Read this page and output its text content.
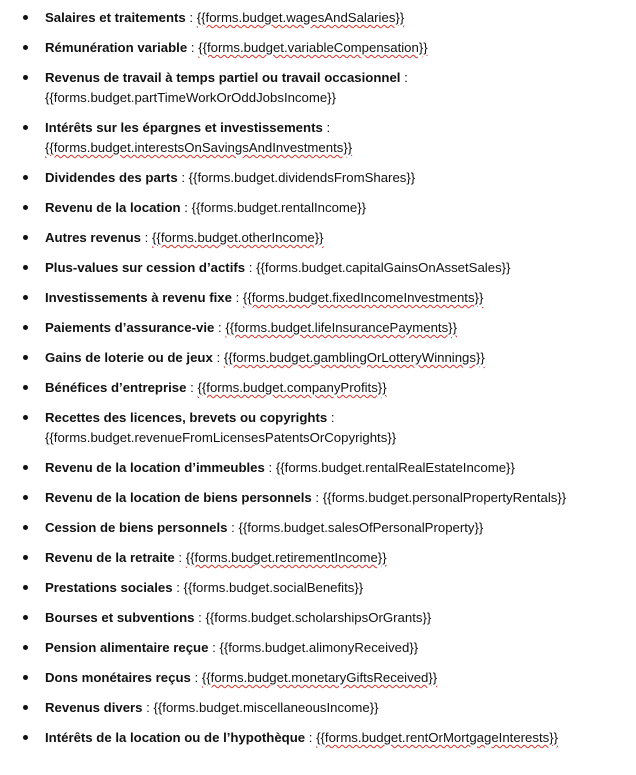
Salaires et traitements : {{forms.budget.wagesAndSalaries}}
Rémunération variable : {{forms.budget.variableCompensation}}
Revenus de travail à temps partiel ou travail occasionnel : {{forms.budget.partTimeWorkOrOddJobsIncome}}
Intérêts sur les épargnes et investissements : {{forms.budget.interestsOnSavingsAndInvestments}}
Dividendes des parts : {{forms.budget.dividendsFromShares}}
Revenu de la location : {{forms.budget.rentalIncome}}
Autres revenus : {{forms.budget.otherIncome}}
Plus-values sur cession d’actifs : {{forms.budget.capitalGainsOnAssetSales}}
Investissements à revenu fixe : {{forms.budget.fixedIncomeInvestments}}
Paiements d’assurance-vie : {{forms.budget.lifeInsurancePayments}}
Gains de loterie ou de jeux : {{forms.budget.gamblingOrLotteryWinnings}}
Bénéfices d’entreprise : {{forms.budget.companyProfits}}
Recettes des licences, brevets ou copyrights : {{forms.budget.revenueFromLicensesPatentsOrCopyrights}}
Revenu de la location d’immeubles : {{forms.budget.rentalRealEstateIncome}}
Revenu de la location de biens personnels : {{forms.budget.personalPropertyRentals}}
Cession de biens personnels : {{forms.budget.salesOfPersonalProperty}}
Revenu de la retraite : {{forms.budget.retirementIncome}}
Prestations sociales : {{forms.budget.socialBenefits}}
Bourses et subventions : {{forms.budget.scholarshipsOrGrants}}
Pension alimentaire reçue : {{forms.budget.alimonyReceived}}
Dons monétaires reçus : {{forms.budget.monetaryGiftsReceived}}
Revenus divers : {{forms.budget.miscellaneousIncome}}
Intérêts de la location ou de l’hypothèque : {{forms.budget.rentOrMortgageInterests}}
